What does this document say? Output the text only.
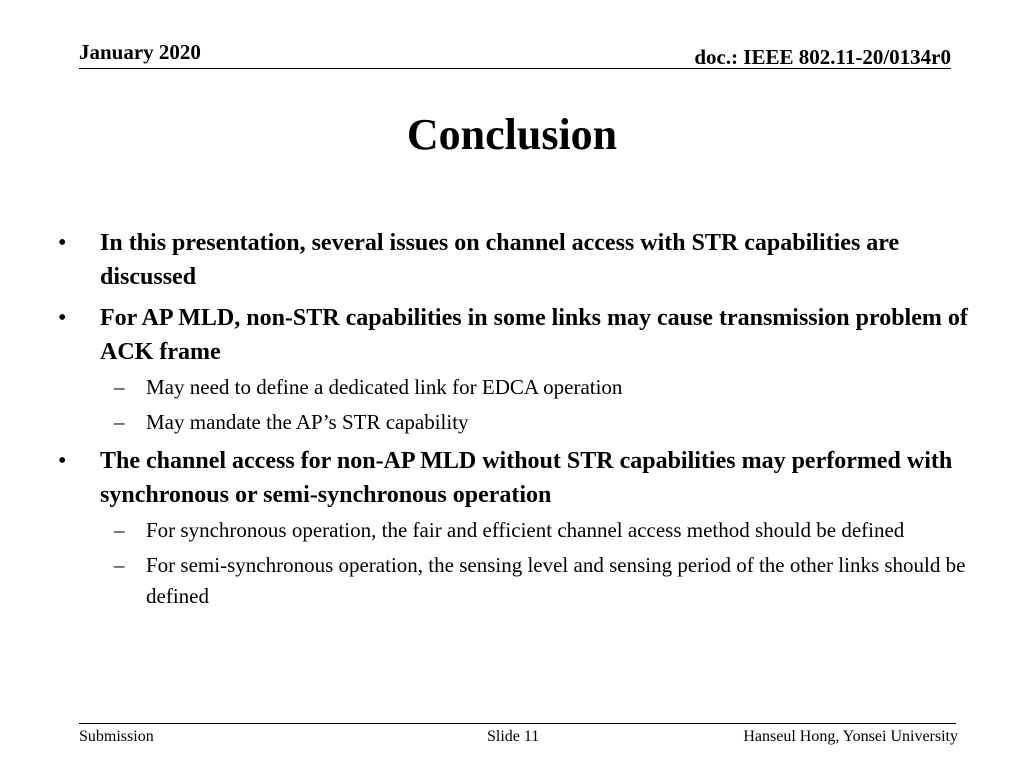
January 2020	doc.: IEEE 802.11-20/0134r0
Conclusion
• In this presentation, several issues on channel access with STR capabilities are discussed
• For AP MLD, non-STR capabilities in some links may cause transmission problem of ACK frame
– May need to define a dedicated link for EDCA operation
– May mandate the AP’s STR capability
• The channel access for non-AP MLD without STR capabilities may performed with synchronous or semi-synchronous operation
– For synchronous operation, the fair and efficient channel access method should be defined
– For semi-synchronous operation, the sensing level and sensing period of the other links should be defined
Submission	Slide 11	Hanseul Hong, Yonsei University
